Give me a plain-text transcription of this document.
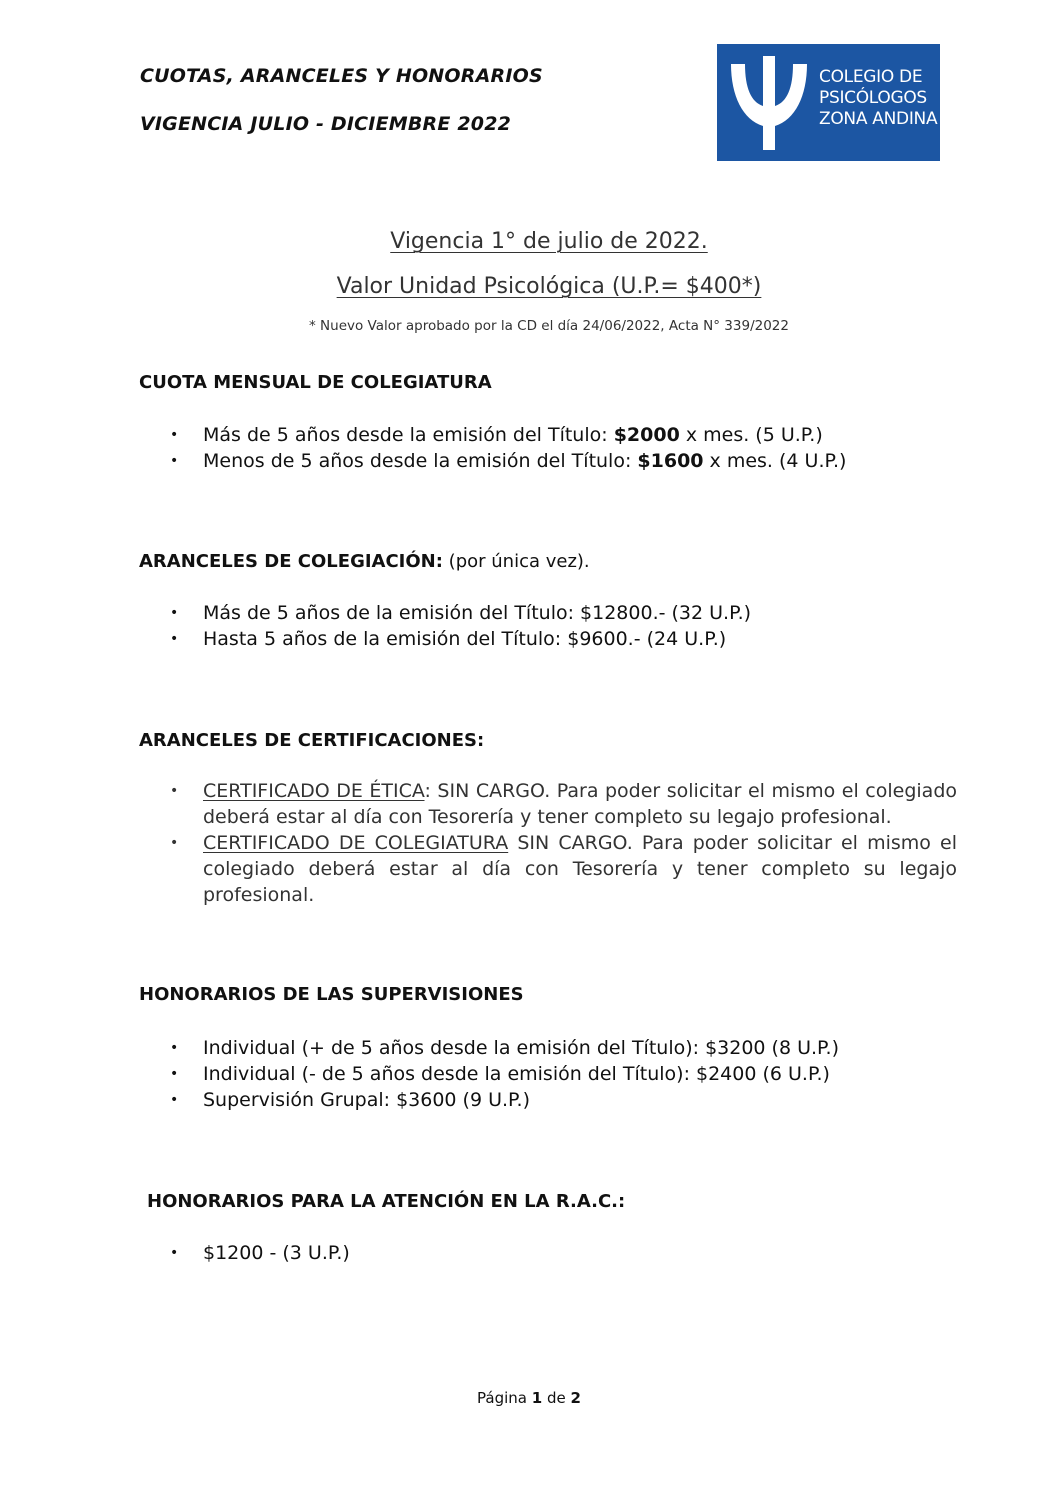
CUOTAS, ARANCELES Y HONORARIOS
VIGENCIA JULIO - DICIEMBRE 2022
COLEGIO DE
PSICÓLOGOS
ZONA ANDINA
Vigencia 1° de julio de 2022.
Valor Unidad Psicológica (U.P.= $400*)
* Nuevo Valor aprobado por la CD el día 24/06/2022, Acta N° 339/2022
CUOTA MENSUAL DE COLEGIATURA
• Más de 5 años desde la emisión del Título: $2000 x mes. (5 U.P.)
• Menos de 5 años desde la emisión del Título: $1600 x mes. (4 U.P.)
ARANCELES DE COLEGIACIÓN: (por única vez).
• Más de 5 años de la emisión del Título: $12800.- (32 U.P.)
• Hasta 5 años de la emisión del Título: $9600.- (24 U.P.)
ARANCELES DE CERTIFICACIONES:
• CERTIFICADO DE ÉTICA: SIN CARGO. Para poder solicitar el mismo el colegiado deberá estar al día con Tesorería y tener completo su legajo profesional.
• CERTIFICADO DE COLEGIATURA SIN CARGO. Para poder solicitar el mismo el colegiado deberá estar al día con Tesorería y tener completo su legajo profesional.
HONORARIOS DE LAS SUPERVISIONES
• Individual (+ de 5 años desde la emisión del Título): $3200 (8 U.P.)
• Individual (- de 5 años desde la emisión del Título): $2400 (6 U.P.)
• Supervisión Grupal: $3600 (9 U.P.)
HONORARIOS PARA LA ATENCIÓN EN LA R.A.C.:
• $1200 - (3 U.P.)
Página 1 de 2
